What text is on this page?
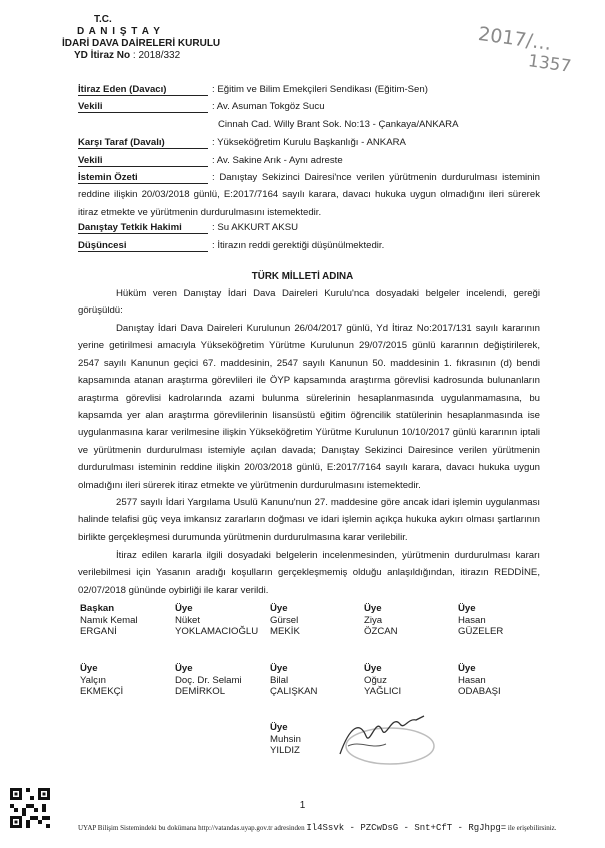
T.C.
D A N I Ş T A Y
İDARİ DAVA DAİRELERİ KURULU
YD İtiraz No : 2018/332
2017/…
1357
İtiraz Eden (Davacı)	: Eğitim ve Bilim Emekçileri Sendikası (Eğitim-Sen)
Vekili	: Av. Asuman Tokgöz Sucu
Cinnah Cad. Willy Brant Sok. No:13 - Çankaya/ANKARA
Karşı Taraf (Davalı)	: Yükseköğretim Kurulu Başkanlığı - ANKARA
Vekili	: Av. Sakine Arık - Aynı adreste
İstemin Özeti	: Danıştay Sekizinci Dairesi'nce verilen yürütmenin durdurulması isteminin reddine ilişkin 20/03/2018 günlü, E:2017/7164 sayılı karara, davacı hukuka uygun olmadığını ileri sürerek itiraz etmekte ve yürütmenin durdurulmasını istemektedir.
Danıştay Tetkik Hakimi	: Su AKKURT AKSU
Düşüncesi	: İtirazın reddi gerektiği düşünülmektedir.
TÜRK MİLLETİ ADINA
Hüküm veren Danıştay İdari Dava Daireleri Kurulu'nca dosyadaki belgeler incelendi, gereği görüşüldü:
Danıştay İdari Dava Daireleri Kurulunun 26/04/2017 günlü, Yd İtiraz No:2017/131 sayılı kararının yerine getirilmesi amacıyla Yükseköğretim Yürütme Kurulunun 29/07/2015 günlü kararının değiştirilerek, 2547 sayılı Kanunun geçici 67. maddesinin, 2547 sayılı Kanunun 50. maddesinin 1. fıkrasının (d) bendi kapsamında atanan araştırma görevlileri ile ÖYP kapsamında araştırma görevlisi kadrosunda bulunanların araştırma görevlisi kadrolarında azami bulunma sürelerinin hesaplanmasında uygulanmamasına, bu kapsamda yer alan araştırma görevlilerinin lisansüstü eğitim öğrencilik statülerinin hesaplanmasında ise uygulanmasına karar verilmesine ilişkin Yükseköğretim Yürütme Kurulunun 10/10/2017 günlü kararının iptali ve yürütmenin durdurulması istemiyle açılan davada; Danıştay Sekizinci Dairesince verilen yürütmenin durdurulması isteminin reddine ilişkin 20/03/2018 günlü, E:2017/7164 sayılı karara, davacı hukuka uygun olmadığını ileri sürerek itiraz etmekte ve yürütmenin durdurulmasını istemektedir.
2577 sayılı İdari Yargılama Usulü Kanunu'nun 27. maddesine göre ancak idari işlemin uygulanması halinde telafisi güç veya imkansız zararların doğması ve idari işlemin açıkça hukuka aykırı olması şartlarının birlikte gerçekleşmesi durumunda yürütmenin durdurulmasına karar verilebilir.
İtiraz edilen kararla ilgili dosyadaki belgelerin incelenmesinden, yürütmenin durdurulması kararı verilebilmesi için Yasanın aradığı koşulların gerçekleşmemiş olduğu anlaşıldığından, itirazın REDDİNE, 02/07/2018 gününde oybirliği ile karar verildi.
Başkan
Namık Kemal
ERGANİ
Üye
Nüket
YOKLAMACIOĞLU
Üye
Gürsel
MEKİK
Üye
Ziya
ÖZCAN
Üye
Hasan
GÜZELER
Üye
Yalçın
EKMEKÇİ
Üye
Doç. Dr. Selami
DEMİRKOL
Üye
Bilal
ÇALIŞKAN
Üye
Oğuz
YAĞLICI
Üye
Hasan
ODABAŞI
Üye
Muhsin
YILDIZ
1
UYAP Bilişim Sistemindeki bu dokümana http://vatandas.uyap.gov.tr adresinden Il4Ssvk - PZCwDsG - Snt+CfT - RgJhpg= ile erişebilirsiniz.
